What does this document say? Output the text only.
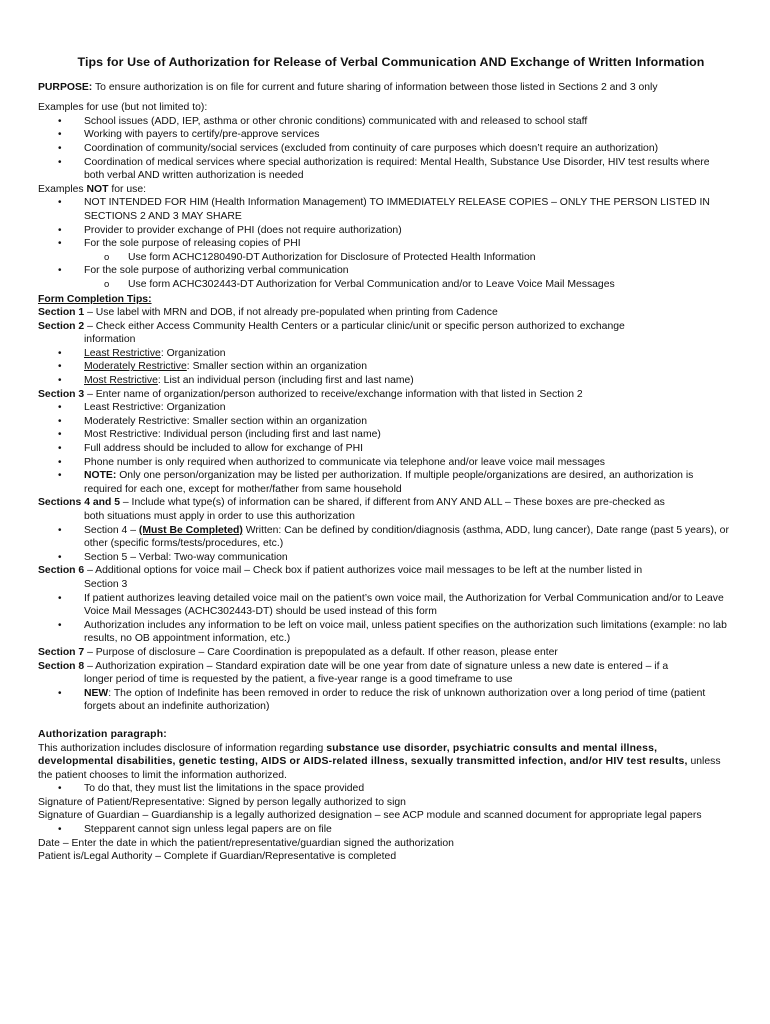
Tips for Use of Authorization for Release of Verbal Communication AND Exchange of Written Information

PURPOSE: To ensure authorization is on file for current and future sharing of information between those listed in Sections 2 and 3 only

Examples for use (but not limited to):

• School issues (ADD, IEP, asthma or other chronic conditions) communicated with and released to school staff
• Working with payers to certify/pre-approve services
• Coordination of community/social services (excluded from continuity of care purposes which doesn’t require an authorization)
• Coordination of medical services where special authorization is required: Mental Health, Substance Use Disorder, HIV test results where both verbal AND written authorization is needed

Examples NOT for use:

• NOT INTENDED FOR HIM (Health Information Management) TO IMMEDIATELY RELEASE COPIES – ONLY THE PERSON LISTED IN SECTIONS 2 AND 3 MAY SHARE
• Provider to provider exchange of PHI (does not require authorization)
• For the sole purpose of releasing copies of PHI
o Use form ACHC1280490-DT Authorization for Disclosure of Protected Health Information
• For the sole purpose of authorizing verbal communication
o Use form ACHC302443-DT Authorization for Verbal Communication and/or to Leave Voice Mail Messages

Form Completion Tips:

Section 1 – Use label with MRN and DOB, if not already pre-populated when printing from Cadence

Section 2 – Check either Access Community Health Centers or a particular clinic/unit or specific person authorized to exchange

information

• Least Restrictive: Organization
• Moderately Restrictive: Smaller section within an organization
• Most Restrictive: List an individual person (including first and last name)

Section 3 – Enter name of organization/person authorized to receive/exchange information with that listed in Section 2

• Least Restrictive: Organization
• Moderately Restrictive: Smaller section within an organization
• Most Restrictive: Individual person (including first and last name)
• Full address should be included to allow for exchange of PHI
• Phone number is only required when authorized to communicate via telephone and/or leave voice mail messages
• NOTE: Only one person/organization may be listed per authorization. If multiple people/organizations are desired, an authorization is required for each one, except for mother/father from same household

Sections 4 and 5 – Include what type(s) of information can be shared, if different from ANY AND ALL – These boxes are pre-checked as

both situations must apply in order to use this authorization

• Section 4 – (Must Be Completed) Written: Can be defined by condition/diagnosis (asthma, ADD, lung cancer), Date range (past 5 years), or other (specific forms/tests/procedures, etc.)
• Section 5 – Verbal: Two-way communication

Section 6 – Additional options for voice mail – Check box if patient authorizes voice mail messages to be left at the number listed in

Section 3

• If patient authorizes leaving detailed voice mail on the patient’s own voice mail, the Authorization for Verbal Communication and/or to Leave Voice Mail Messages (ACHC302443-DT) should be used instead of this form
• Authorization includes any information to be left on voice mail, unless patient specifies on the authorization such limitations (example: no lab results, no OB appointment information, etc.)

Section 7 – Purpose of disclosure – Care Coordination is prepopulated as a default. If other reason, please enter

Section 8 – Authorization expiration – Standard expiration date will be one year from date of signature unless a new date is entered – if a

longer period of time is requested by the patient, a five-year range is a good timeframe to use

• NEW: The option of Indefinite has been removed in order to reduce the risk of unknown authorization over a long period of time (patient forgets about an indefinite authorization)

Authorization paragraph:

This authorization includes disclosure of information regarding substance use disorder, psychiatric consults and mental illness, developmental disabilities, genetic testing, AIDS or AIDS-related illness, sexually transmitted infection, and/or HIV test results, unless the patient chooses to limit the information authorized.

• To do that, they must list the limitations in the space provided

Signature of Patient/Representative: Signed by person legally authorized to sign

Signature of Guardian – Guardianship is a legally authorized designation – see ACP module and scanned document for appropriate legal papers

• Stepparent cannot sign unless legal papers are on file

Date – Enter the date in which the patient/representative/guardian signed the authorization

Patient is/Legal Authority – Complete if Guardian/Representative is completed
